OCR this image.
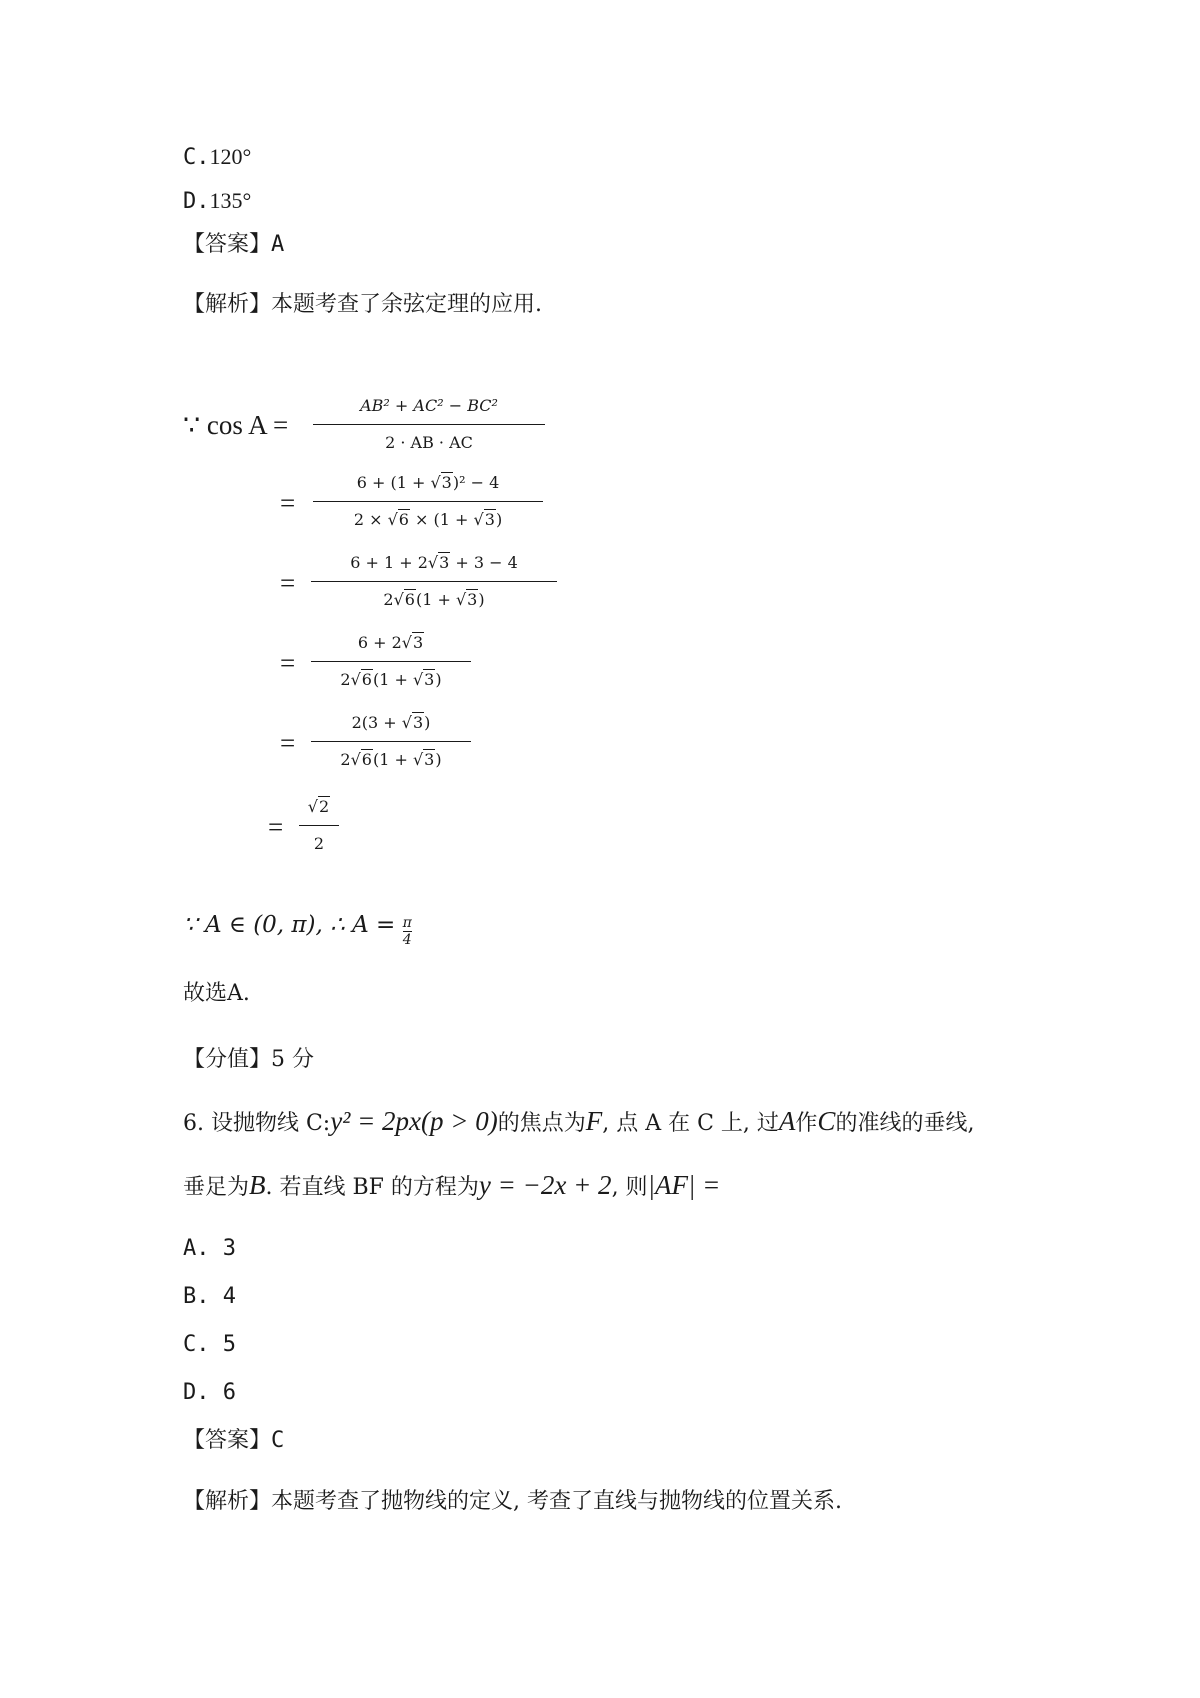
C.120°
D.135°
【答案】A
【解析】本题考查了余弦定理的应用.
∵ cos A =
AB² + AC² − BC²
2 · AB · AC
=
6 + (1 + √3)² − 4
2 × √6 × (1 + √3)
=
6 + 1 + 2√3 + 3 − 4
2√6(1 + √3)
=
6 + 2√3
2√6(1 + √3)
=
2(3 + √3)
2√6(1 + √3)
=
√2
2
∵ A ∈ (0, π), ∴ $A = \frac{\pi}{4}$
故选A.
【分值】5 分
6. 设抛物线 C:y² = 2px(p > 0)的焦点为F, 点 A 在 C 上, 过A作C的准线的垂线,
垂足为B. 若直线 BF 的方程为y = −2x + 2, 则|AF| =
A. 3
B. 4
C. 5
D. 6
【答案】C
【解析】本题考查了抛物线的定义, 考查了直线与抛物线的位置关系.
